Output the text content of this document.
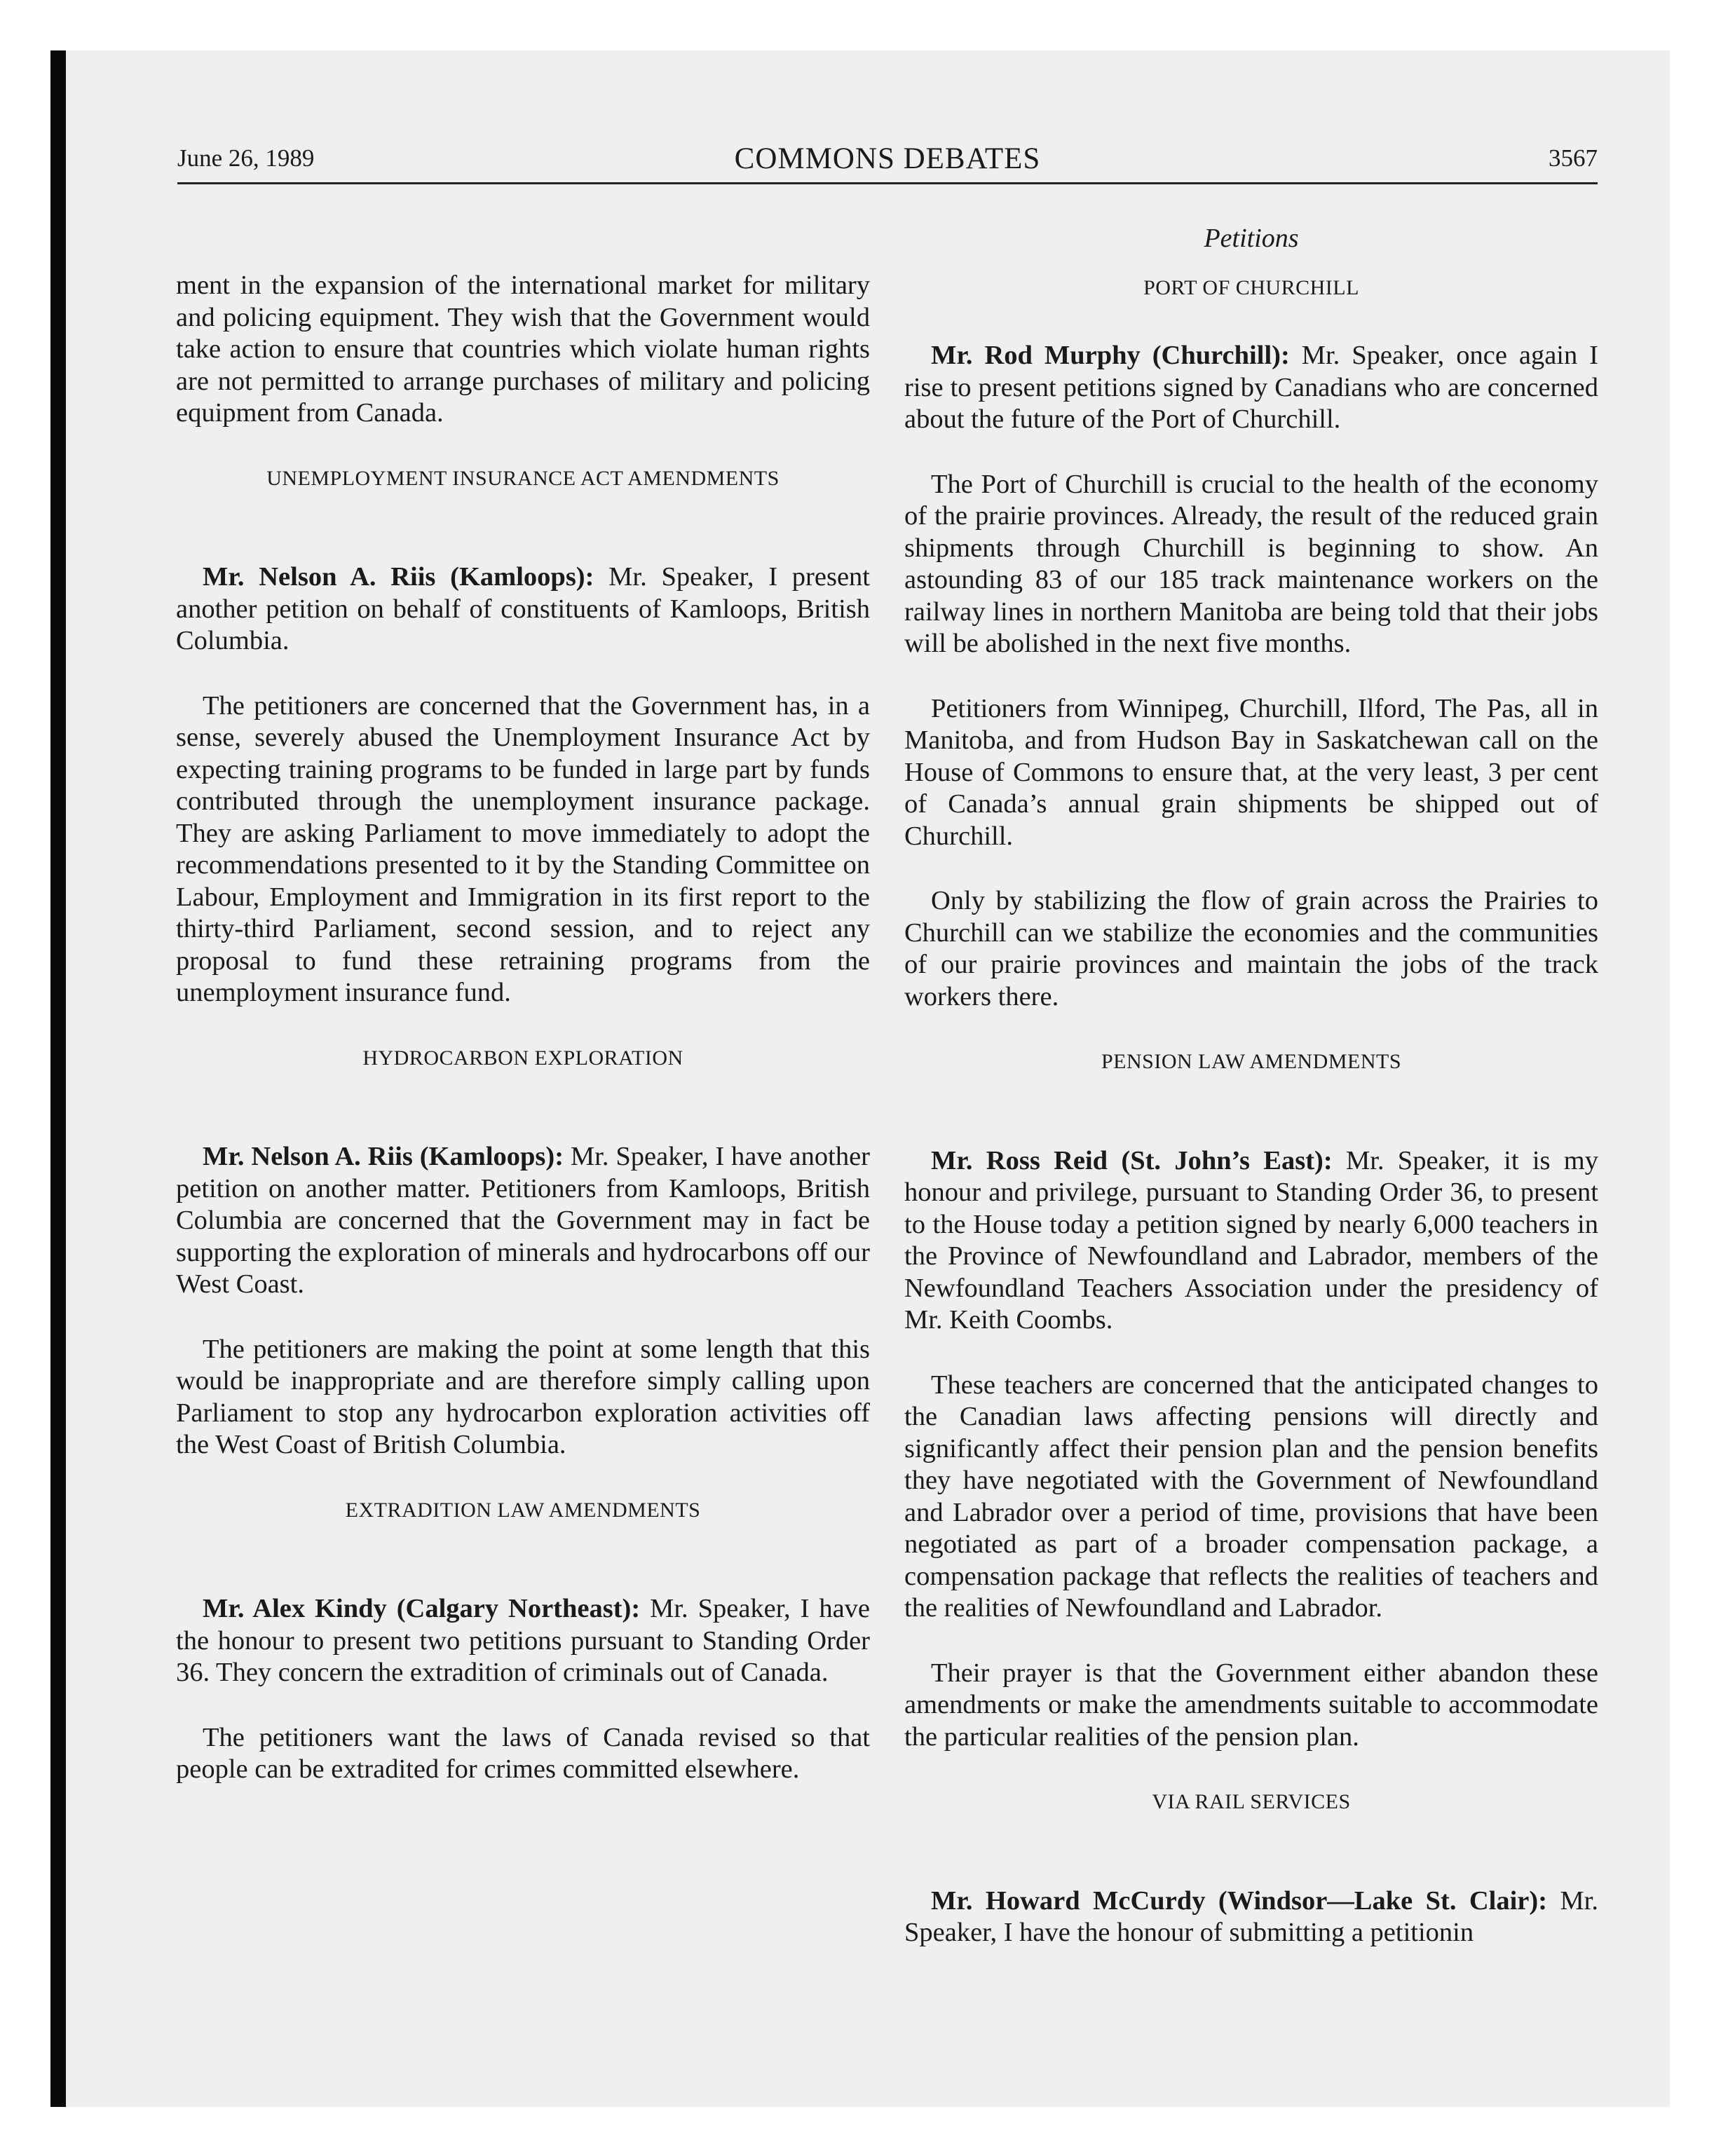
June 26, 1989	COMMONS DEBATES	3567

ment in the expansion of the international market for military and policing equipment. They wish that the Government would take action to ensure that countries which violate human rights are not permitted to arrange purchases of military and policing equipment from Canada.

UNEMPLOYMENT INSURANCE ACT AMENDMENTS

Mr. Nelson A. Riis (Kamloops): Mr. Speaker, I present another petition on behalf of constituents of Kamloops, British Columbia.

The petitioners are concerned that the Government has, in a sense, severely abused the Unemployment Insurance Act by expecting training programs to be funded in large part by funds contributed through the unemployment insurance package. They are asking Parliament to move immediately to adopt the recommendations presented to it by the Standing Committee on Labour, Employment and Immigration in its first report to the thirty-third Parliament, second session, and to reject any proposal to fund these retraining programs from the unemployment insurance fund.

HYDROCARBON EXPLORATION

Mr. Nelson A. Riis (Kamloops): Mr. Speaker, I have another petition on another matter. Petitioners from Kamloops, British Columbia are concerned that the Government may in fact be supporting the exploration of minerals and hydrocarbons off our West Coast.

The petitioners are making the point at some length that this would be inappropriate and are therefore simply calling upon Parliament to stop any hydrocarbon exploration activities off the West Coast of British Columbia.

EXTRADITION LAW AMENDMENTS

Mr. Alex Kindy (Calgary Northeast): Mr. Speaker, I have the honour to present two petitions pursuant to Standing Order 36. They concern the extradition of criminals out of Canada.

The petitioners want the laws of Canada revised so that people can be extradited for crimes committed elsewhere.

Petitions
PORT OF CHURCHILL

Mr. Rod Murphy (Churchill): Mr. Speaker, once again I rise to present petitions signed by Canadians who are concerned about the future of the Port of Churchill.

The Port of Churchill is crucial to the health of the economy of the prairie provinces. Already, the result of the reduced grain shipments through Churchill is beginning to show. An astounding 83 of our 185 track maintenance workers on the railway lines in northern Manitoba are being told that their jobs will be abolished in the next five months.

Petitioners from Winnipeg, Churchill, Ilford, The Pas, all in Manitoba, and from Hudson Bay in Saskatchewan call on the House of Commons to ensure that, at the very least, 3 per cent of Canada’s annual grain shipments be shipped out of Churchill.

Only by stabilizing the flow of grain across the Prairies to Churchill can we stabilize the economies and the communities of our prairie provinces and maintain the jobs of the track workers there.

PENSION LAW AMENDMENTS

Mr. Ross Reid (St. John’s East): Mr. Speaker, it is my honour and privilege, pursuant to Standing Order 36, to present to the House today a petition signed by nearly 6,000 teachers in the Province of Newfoundland and Labrador, members of the Newfoundland Teachers Association under the presidency of Mr. Keith Coombs.

These teachers are concerned that the anticipated changes to the Canadian laws affecting pensions will directly and significantly affect their pension plan and the pension benefits they have negotiated with the Government of Newfoundland and Labrador over a period of time, provisions that have been negotiated as part of a broader compensation package, a compensation package that reflects the realities of teachers and the realities of Newfoundland and Labrador.

Their prayer is that the Government either abandon these amendments or make the amendments suitable to accommodate the particular realities of the pension plan.

VIA RAIL SERVICES

Mr. Howard McCurdy (Windsor—Lake St. Clair): Mr. Speaker, I have the honour of submitting a petitionin
